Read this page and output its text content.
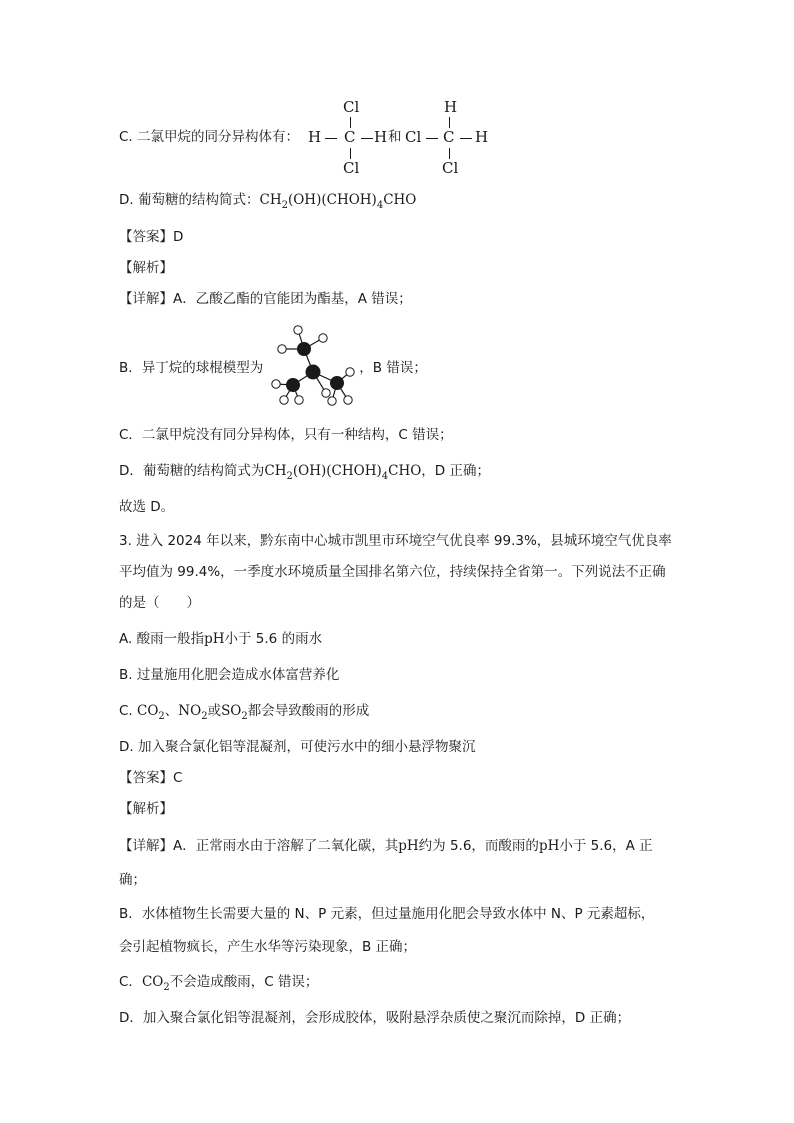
C. 二氯甲烷的同分异构体有：
Cl
H C H
Cl
和
H
Cl C H
Cl
D. 葡萄糖的结构简式：$CH_2(OH)(CHOH)_4CHO$
【答案】D
【解析】
【详解】A．乙酸乙酯的官能团为酯基，A 错误；
B．异丁烷的球棍模型为	，B 错误；
C．二氯甲烷没有同分异构体，只有一种结构，C 错误；
D．葡萄糖的结构简式为$CH_2(OH)(CHOH)_4CHO$，D 正确；
故选 D。
3. 进入 2024 年以来，黔东南中心城市凯里市环境空气优良率 99.3%，县城环境空气优良率
平均值为 99.4%，一季度水环境质量全国排名第六位，持续保持全省第一。下列说法不正确
的是（　　）
A. 酸雨一般指pH小于 5.6 的雨水
B. 过量施用化肥会造成水体富营养化
C. $CO_2$、$NO_2$或$SO_2$都会导致酸雨的形成
D. 加入聚合氯化铝等混凝剂，可使污水中的细小悬浮物聚沉
【答案】C
【解析】
【详解】A．正常雨水由于溶解了二氧化碳，其pH约为 5.6，而酸雨的pH小于 5.6，A 正
确；
B．水体植物生长需要大量的 N、P 元素，但过量施用化肥会导致水体中 N、P 元素超标，
会引起植物疯长，产生水华等污染现象，B 正确；
C．$CO_2$不会造成酸雨，C 错误；
D．加入聚合氯化铝等混凝剂，会形成胶体，吸附悬浮杂质使之聚沉而除掉，D 正确；
